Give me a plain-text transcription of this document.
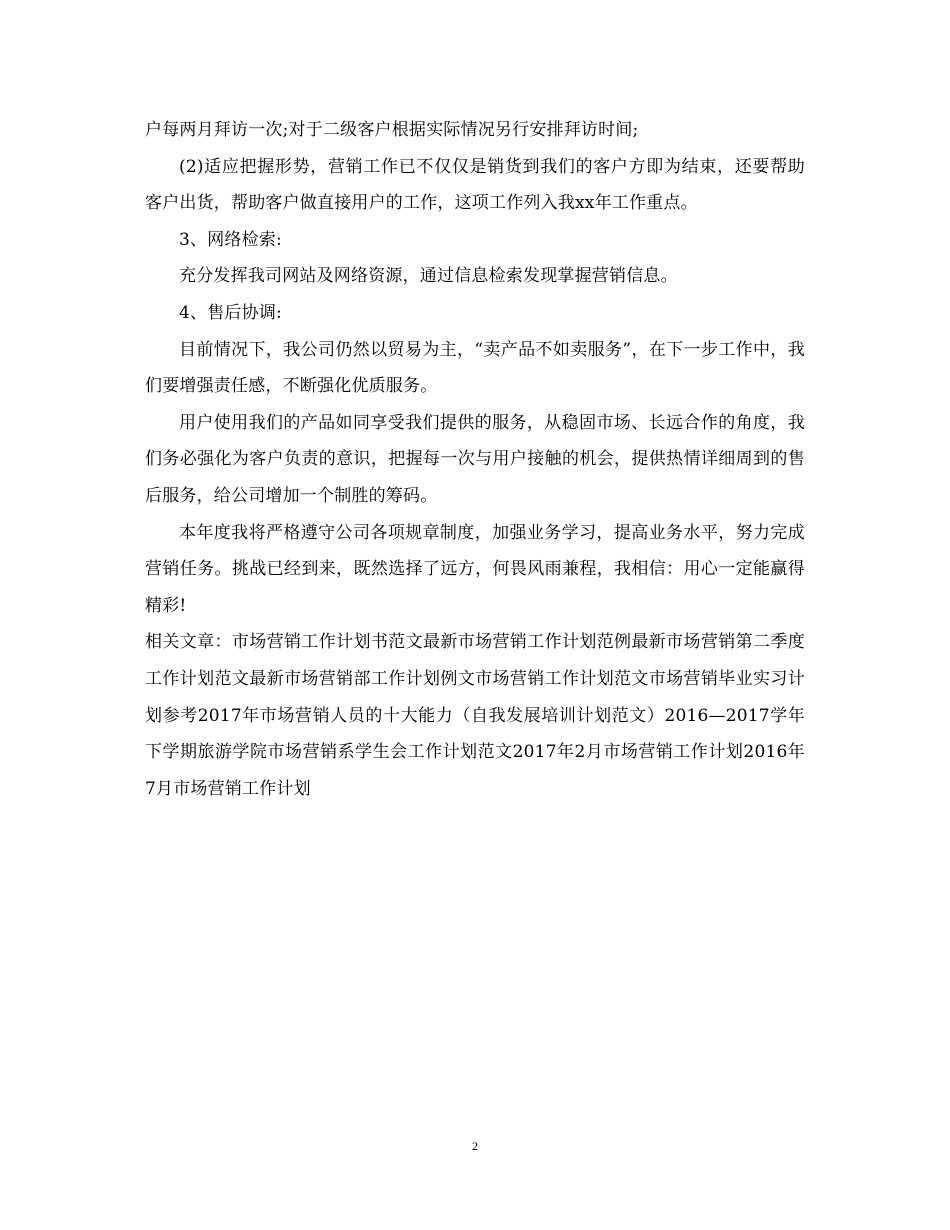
户每两月拜访一次;对于二级客户根据实际情况另行安排拜访时间;

(2)适应把握形势，营销工作已不仅仅是销货到我们的客户方即为结束，还要帮助客户出货，帮助客户做直接用户的工作，这项工作列入我xx年工作重点。

3、网络检索:

充分发挥我司网站及网络资源，通过信息检索发现掌握营销信息。

4、售后协调:

目前情况下，我公司仍然以贸易为主，“卖产品不如卖服务”，在下一步工作中，我们要增强责任感，不断强化优质服务。

用户使用我们的产品如同享受我们提供的服务，从稳固市场、长远合作的角度，我们务必强化为客户负责的意识，把握每一次与用户接触的机会，提供热情详细周到的售后服务，给公司增加一个制胜的筹码。

本年度我将严格遵守公司各项规章制度，加强业务学习，提高业务水平，努力完成营销任务。挑战已经到来，既然选择了远方，何畏风雨兼程，我相信：用心一定能赢得精彩!

相关文章：市场营销工作计划书范文最新市场营销工作计划范例最新市场营销第二季度工作计划范文最新市场营销部工作计划例文市场营销工作计划范文市场营销毕业实习计划参考2017年市场营销人员的十大能力（自我发展培训计划范文）2016—2017学年下学期旅游学院市场营销系学生会工作计划范文2017年2月市场营销工作计划2016年7月市场营销工作计划

2
